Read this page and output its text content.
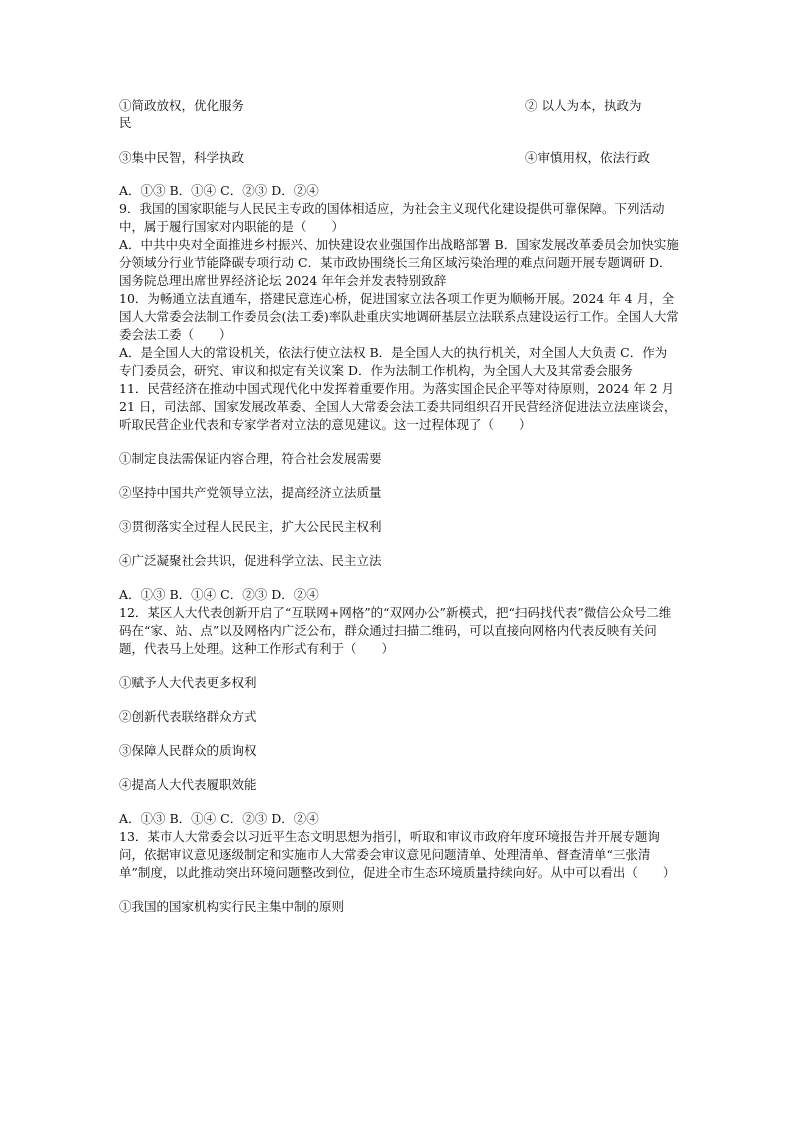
①简政放权，优化服务	② 以人为本，执政为

民

③集中民智，科学执政	④审慎用权，依法行政

A．①③ B．①④ C．②③ D．②④

9．我国的国家职能与人民民主专政的国体相适应，为社会主义现代化建设提供可靠保障。下列活动中，属于履行国家对内职能的是（　　）

A．中共中央对全面推进乡村振兴、加快建设农业强国作出战略部署 B．国家发展改革委员会加快实施分领域分行业节能降碳专项行动 C．某市政协围绕长三角区域污染治理的难点问题开展专题调研 D．国务院总理出席世界经济论坛 2024 年年会并发表特别致辞

10．为畅通立法直通车，搭建民意连心桥，促进国家立法各项工作更为顺畅开展。2024 年 4 月，全国人大常委会法制工作委员会(法工委)率队赴重庆实地调研基层立法联系点建设运行工作。全国人大常委会法工委（　　）

A．是全国人大的常设机关，依法行使立法权 B．是全国人大的执行机关，对全国人大负责 C．作为专门委员会，研究、审议和拟定有关议案 D．作为法制工作机构，为全国人大及其常委会服务

11．民营经济在推动中国式现代化中发挥着重要作用。为落实国企民企平等对待原则，2024 年 2 月 21 日，司法部、国家发展改革委、全国人大常委会法工委共同组织召开民营经济促进法立法座谈会，听取民营企业代表和专家学者对立法的意见建议。这一过程体现了（　　）

①制定良法需保证内容合理，符合社会发展需要

②坚持中国共产党领导立法，提高经济立法质量

③贯彻落实全过程人民民主，扩大公民民主权利

④广泛凝聚社会共识，促进科学立法、民主立法

A．①③ B．①④ C．②③ D．②④

12．某区人大代表创新开启了“互联网+网格”的“双网办公”新模式，把“扫码找代表”微信公众号二维码在“家、站、点”以及网格内广泛公布，群众通过扫描二维码，可以直接向网格内代表反映有关问题，代表马上处理。这种工作形式有利于（　　）

①赋予人大代表更多权利

②创新代表联络群众方式

③保障人民群众的质询权

④提高人大代表履职效能

A．①③ B．①④ C．②③ D．②④

13．某市人大常委会以习近平生态文明思想为指引，听取和审议市政府年度环境报告并开展专题询问，依据审议意见逐级制定和实施市人大常委会审议意见问题清单、处理清单、督查清单“三张清单”制度，以此推动突出环境问题整改到位，促进全市生态环境质量持续向好。从中可以看出（　　）

①我国的国家机构实行民主集中制的原则
